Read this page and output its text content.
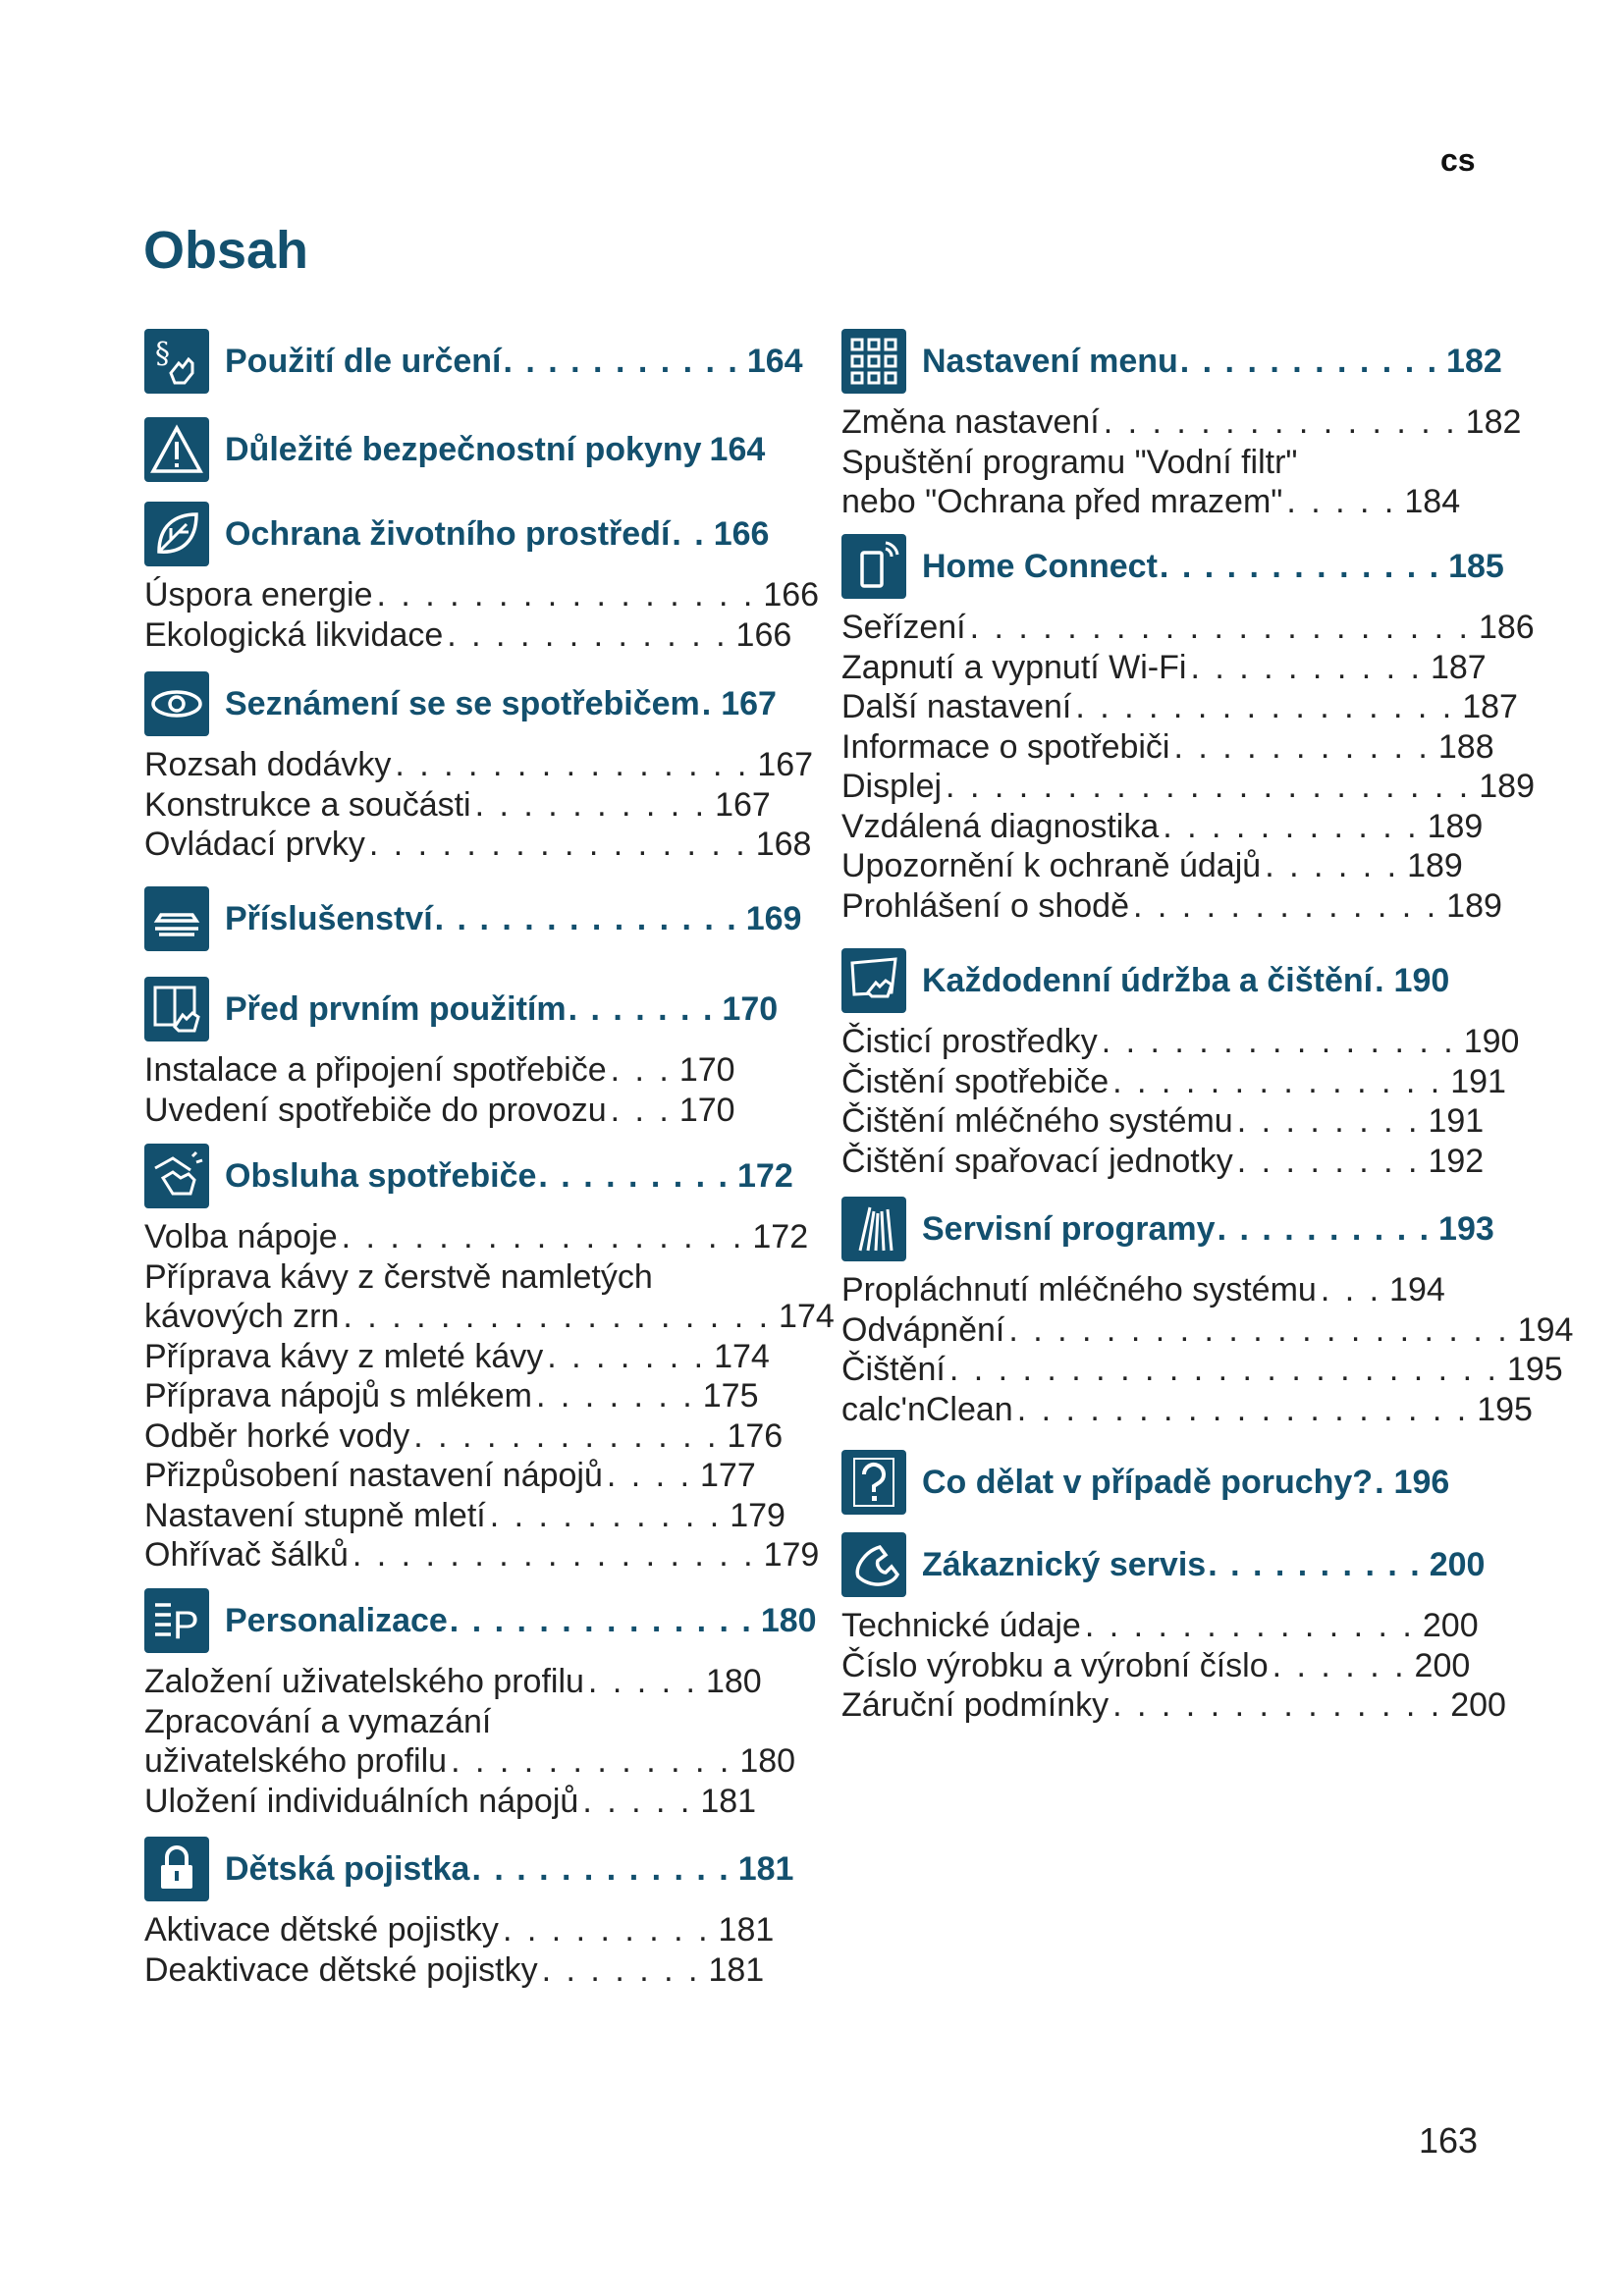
cs
Obsah
163
§ Použití dle určení . . . . . . . . . . . 164
Důležité bezpečnostní pokyny 164
Ochrana životního prostředí . . 166
Úspora energie . . . . . . . . . . . . . . . . 166
Ekologická likvidace . . . . . . . . . . . . 166
Seznámení se se spotřebičem . 167
Rozsah dodávky . . . . . . . . . . . . . . . 167
Konstrukce a součásti . . . . . . . . . . 167
Ovládací prvky . . . . . . . . . . . . . . . . 168
Příslušenství . . . . . . . . . . . . . . 169
Před prvním použitím . . . . . . . 170
Instalace a připojení spotřebiče . . . 170
Uvedení spotřebiče do provozu . . . 170
Obsluha spotřebiče . . . . . . . . . 172
Volba nápoje . . . . . . . . . . . . . . . . . 172
Příprava kávy z čerstvě namletých
kávových zrn . . . . . . . . . . . . . . . . . . 174
Příprava kávy z mleté kávy . . . . . . . 174
Příprava nápojů s mlékem . . . . . . . 175
Odběr horké vody . . . . . . . . . . . . . 176
Přizpůsobení nastavení nápojů . . . . 177
Nastavení stupně mletí . . . . . . . . . . 179
Ohřívač šálků . . . . . . . . . . . . . . . . . 179
P Personalizace . . . . . . . . . . . . . . 180
Založení uživatelského profilu . . . . . 180
Zpracování a vymazání
uživatelského profilu . . . . . . . . . . . . 180
Uložení individuálních nápojů . . . . . 181
Dětská pojistka . . . . . . . . . . . . 181
Aktivace dětské pojistky . . . . . . . . . 181
Deaktivace dětské pojistky . . . . . . . 181
Nastavení menu . . . . . . . . . . . . 182
Změna nastavení . . . . . . . . . . . . . . . 182
Spuštění programu "Vodní filtr"
nebo "Ochrana před mrazem" . . . . . 184
Home Connect . . . . . . . . . . . . . 185
Seřízení . . . . . . . . . . . . . . . . . . . . . 186
Zapnutí a vypnutí Wi-Fi . . . . . . . . . . 187
Další nastavení . . . . . . . . . . . . . . . . 187
Informace o spotřebiči . . . . . . . . . . . 188
Displej . . . . . . . . . . . . . . . . . . . . . . 189
Vzdálená diagnostika . . . . . . . . . . . 189
Upozornění k ochraně údajů . . . . . . 189
Prohlášení o shodě . . . . . . . . . . . . . 189
Každodenní údržba a čištění . 190
Čisticí prostředky . . . . . . . . . . . . . . . 190
Čistění spotřebiče . . . . . . . . . . . . . . 191
Čištění mléčného systému . . . . . . . . 191
Čištění spařovací jednotky . . . . . . . . 192
Servisní programy . . . . . . . . . . 193
Propláchnutí mléčného systému . . . 194
Odvápnění . . . . . . . . . . . . . . . . . . . . . 194
Čištění . . . . . . . . . . . . . . . . . . . . . . . 195
calc'nClean . . . . . . . . . . . . . . . . . . . 195
Co dělat v případě poruchy? . 196
Zákaznický servis . . . . . . . . . . 200
Technické údaje . . . . . . . . . . . . . . 200
Číslo výrobku a výrobní číslo . . . . . . 200
Záruční podmínky . . . . . . . . . . . . . . 200
